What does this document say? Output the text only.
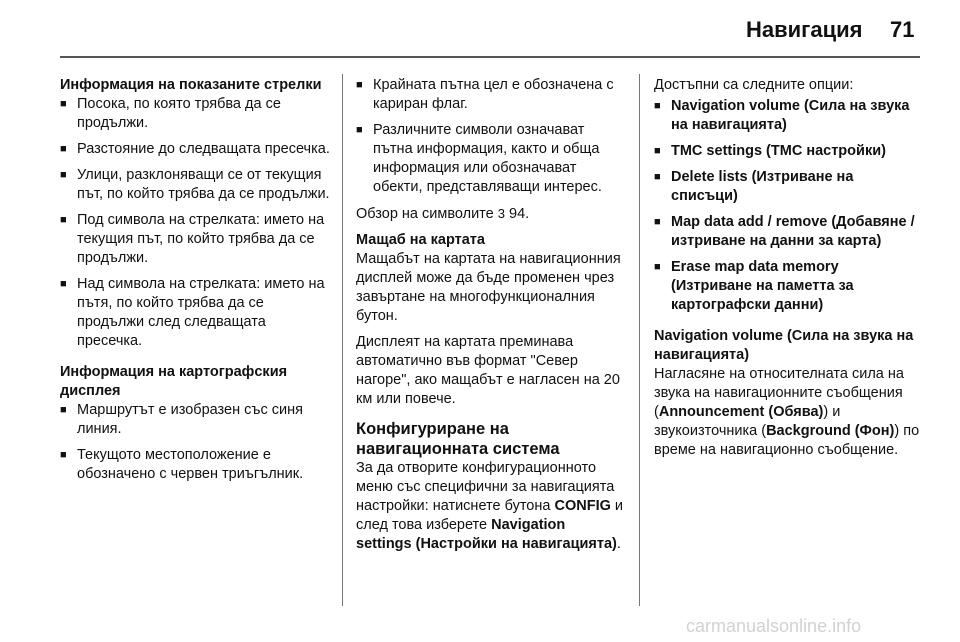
Навигация 71

Информация на показаните стрелки

■ Посока, по която трябва да се продължи.
■ Разстояние до следващата пресечка.
■ Улици, разклоняващи се от текущия път, по който трябва да се продължи.
■ Под символа на стрелката: името на текущия път, по който трябва да се продължи.
■ Над символа на стрелката: името на пътя, по който трябва да се продължи след следващата пресечка.

Информация на картографския дисплея

■ Маршрутът е изобразен със синя линия.
■ Текущото местоположение е обозначено с червен триъгълник.
■ Крайната пътна цел е обозначена с кариран флаг.
■ Различните символи означават пътна информация, както и обща информация или обозначават обекти, представляващи интерес.

Обзор на символите 3 94.

Мащаб на картата

Мащабът на картата на навигационния дисплей може да бъде променен чрез завъртане на многофункционалния бутон.

Дисплеят на картата преминава автоматично във формат "Север нагоре", ако мащабът е нагласен на 20 км или повече.

Конфигуриране на навигационната система

За да отворите конфигурационното меню със специфични за навигацията настройки: натиснете бутона CONFIG и след това изберете Navigation settings (Настройки на навигацията).

Достъпни са следните опции:

■ Navigation volume (Сила на звука на навигацията)
■ TMC settings (TMC настройки)
■ Delete lists (Изтриване на списъци)
■ Map data add / remove (Добавяне / изтриване на данни за карта)
■ Erase map data memory (Изтриване на паметта за картографски данни)

Navigation volume (Сила на звука на навигацията)

Нагласяне на относителната сила на звука на навигационните съобщения (Announcement (Обява)) и звукоизточника (Background (Фон)) по време на навигационно съобщение.

carmanualsonline.info
